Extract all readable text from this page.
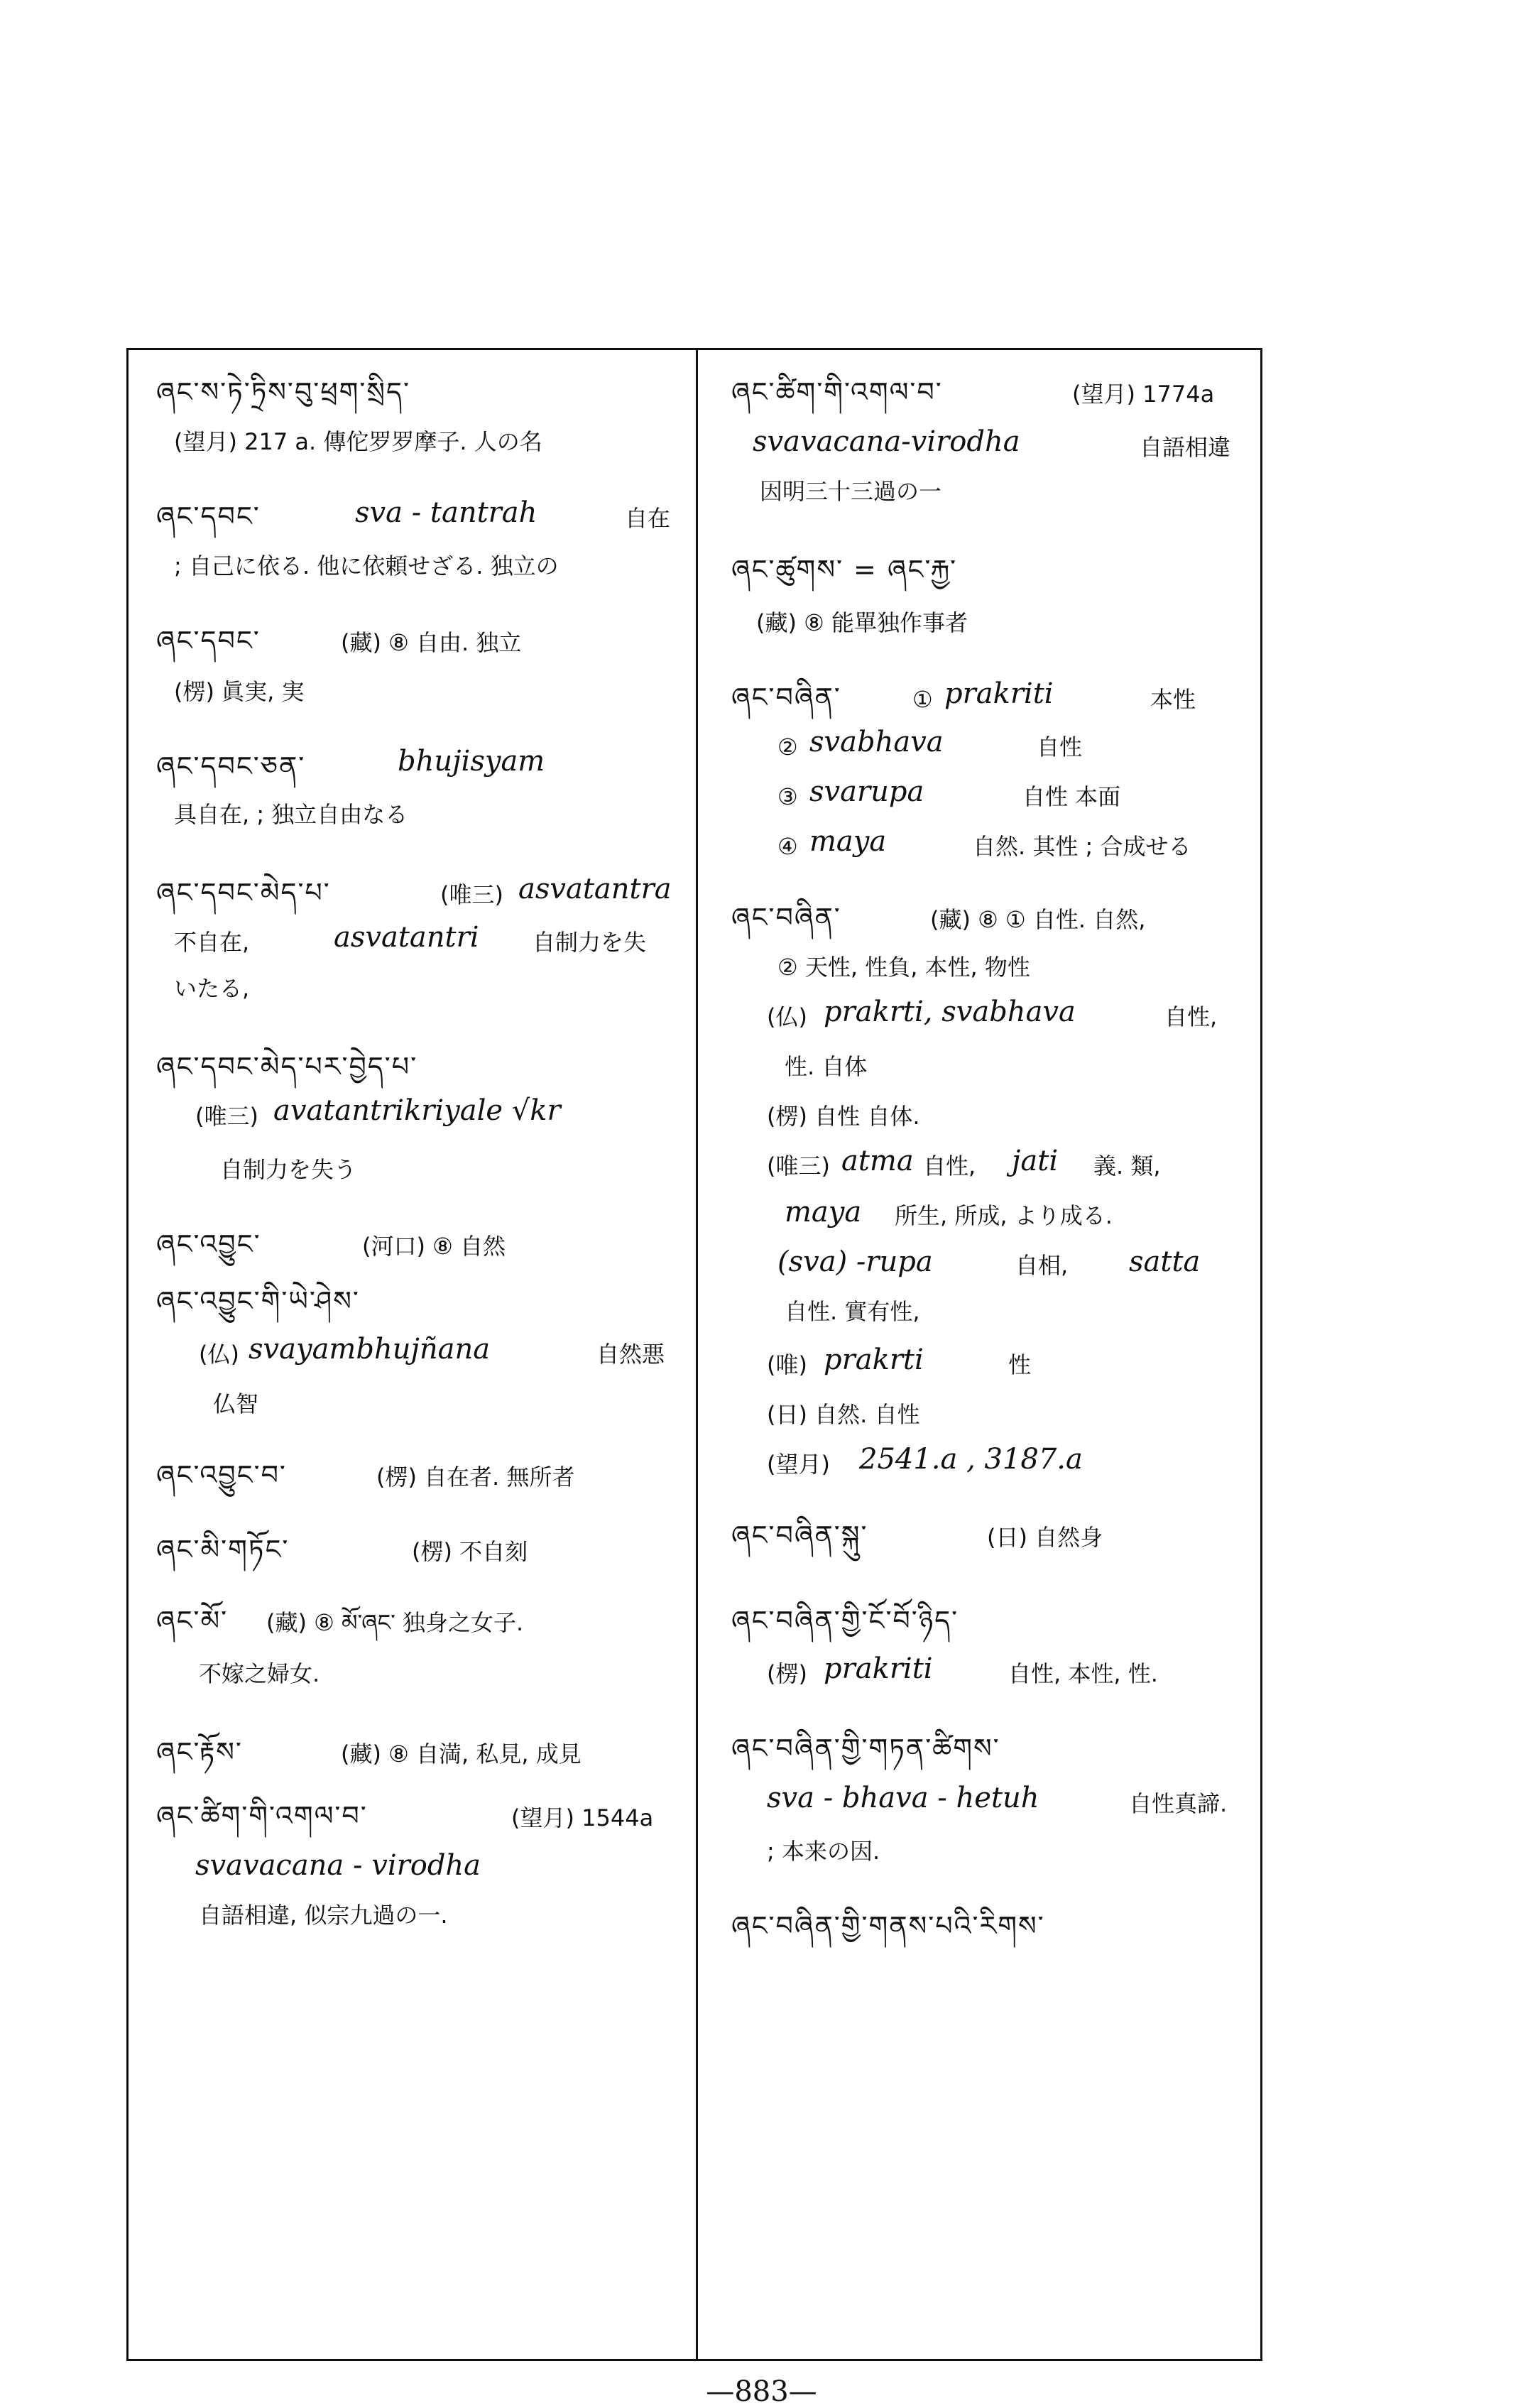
ཞང་ས་ཏེ་ཏྲིས་བུ་ཕྲག་སྲིད་
(望月) 217 a. 傳佗罗罗摩子. 人の名
ཞང་དབང་	sva - tantrah	自在
; 自己に依る. 他に依頼せざる. 独立の
ཞང་དབང་	(藏) ⑧ 自由. 独立
(楞) 眞実, 実
ཞང་དབང་ཅན་	bhujisyam
具自在, ; 独立自由なる
ཞང་དབང་མེད་པ་	(唯三) asvatantra
不自在,	asvatantri 自制力を失
いたる,
ཞང་དབང་མེད་པར་བྱེད་པ་
(唯三) avatantrikriyale √kr
自制力を失う
ཞང་འབྱུང་	(河口) ⑧ 自然
ཞང་འབྱུང་གི་ཡེ་ཤེས་
(仏) svayambhujñana	自然悪
仏智
ཞང་འབྱུང་བ་	(楞) 自在者. 無所者
ཞང་མི་གཏོང་	(楞) 不自刻
ཞང་མོ་ (藏) ⑧ མོ་ཞང་ 独身之女子.
不嫁之婦女.
ཞང་རྟོས་	(藏) ⑧ 自満, 私見, 成見
ཞང་ཚིག་གི་འགལ་བ་	(望月) 1544a
svavacana - virodha
自語相違, 似宗九過の一.
ཞང་ཚིག་གི་འགལ་བ་	(望月) 1774a
svavacana-virodha	自語相違
因明三十三過の一
ཞང་ཚུགས་ = ཞང་རྐྱ་
(藏) ⑧ 能單独作事者
ཞང་བཞིན་	① prakriti	本性
② svabhava	自性
③ svarupa	自性 本面
④ maya	自然. 其性 ; 合成せる
ཞང་བཞིན་	(藏) ⑧ ① 自性. 自然,
② 天性, 性負, 本性, 物性
(仏) prakrti, svabhava	自性,
性. 自体
(楞) 自性 自体.
(唯三) atma 自性, jati 義. 類,
maya 所生, 所成, より成る.
(sva) -rupa	自相, satta
自性. 實有性,
(唯) prakrti	性
(日) 自然. 自性
(望月) 2541.a , 3187.a
ཞང་བཞིན་སྐུ་	(日) 自然身
ཞང་བཞིན་གྱི་ངོ་བོ་ཉིད་
(楞) prakriti	自性, 本性, 性.
ཞང་བཞིན་གྱི་གཏན་ཚིགས་
sva - bhava - hetuh	自性真諦.
; 本来の因.
ཞང་བཞིན་གྱི་གནས་པའི་རིགས་
—883—
